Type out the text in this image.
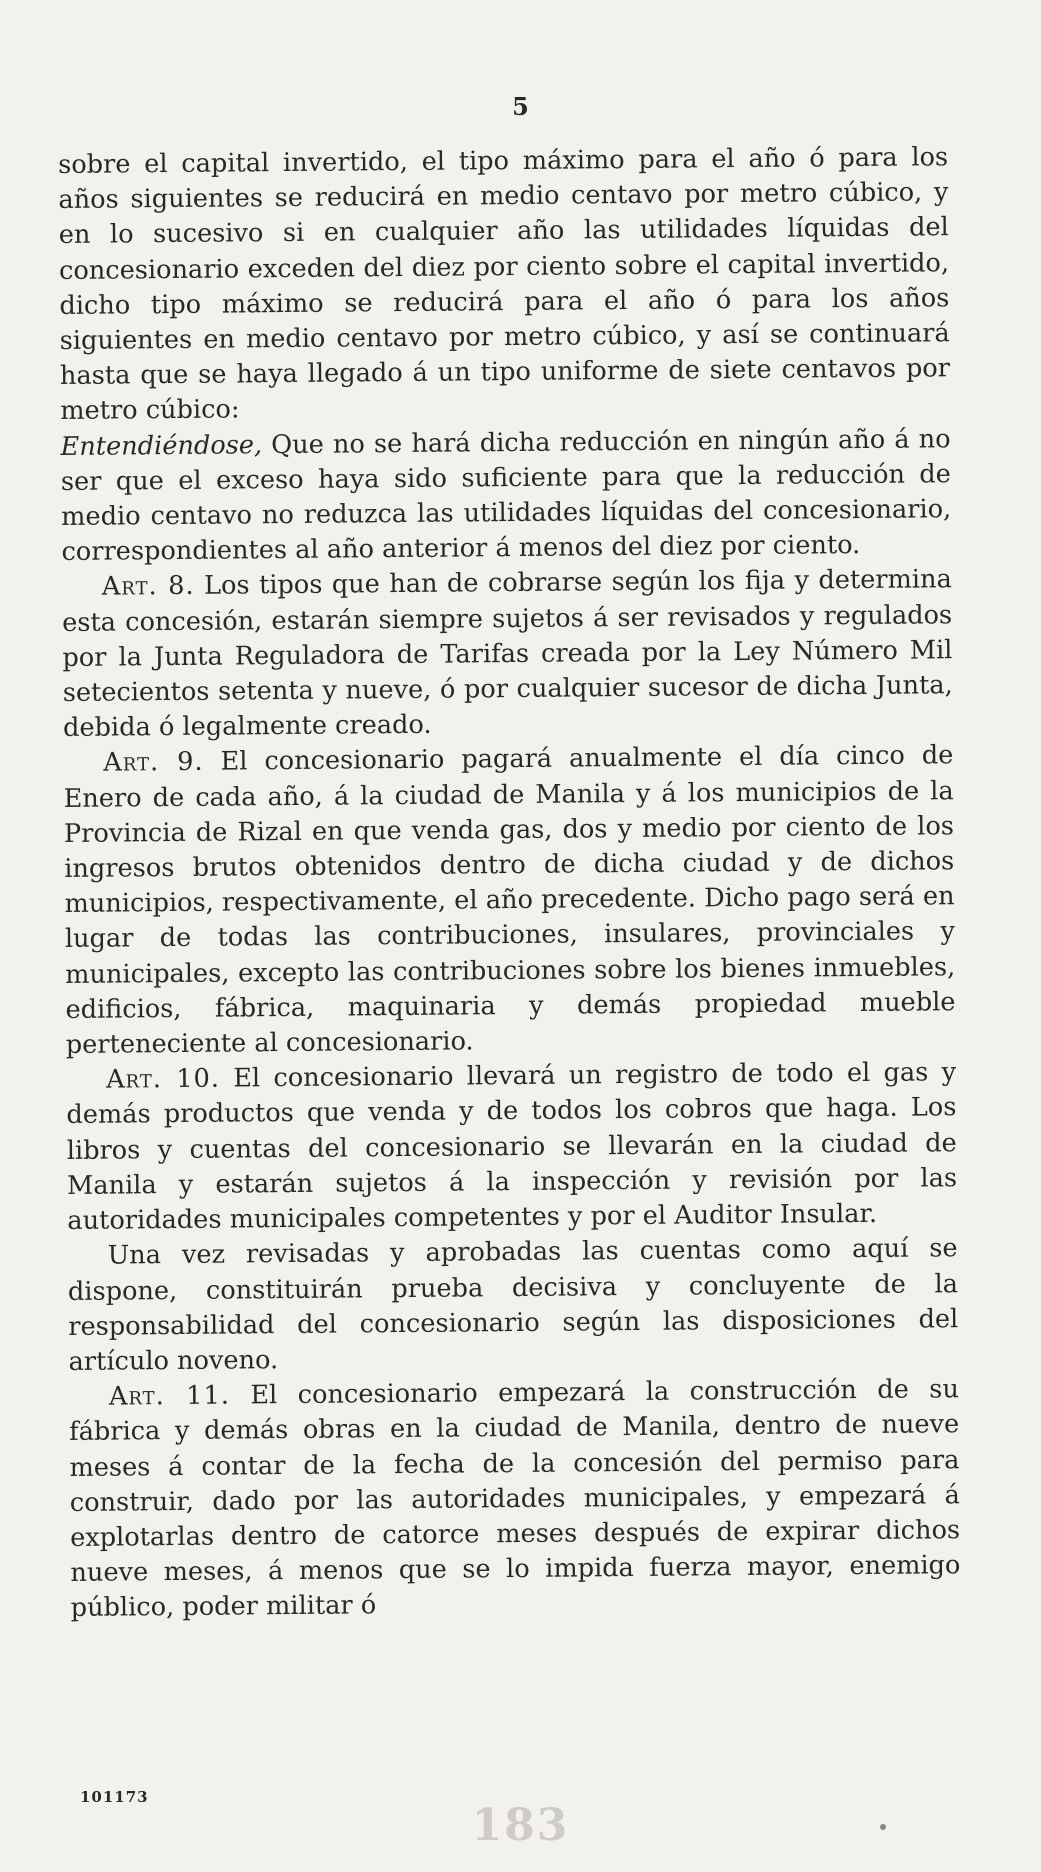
5

sobre el capital invertido, el tipo máximo para el año ó para los años siguientes se reducirá en medio centavo por metro cúbico, y en lo sucesivo si en cualquier año las utilidades líquidas del concesionario exceden del diez por ciento sobre el capital invertido, dicho tipo máximo se reducirá para el año ó para los años siguientes en medio centavo por metro cúbico, y así se continuará hasta que se haya llegado á un tipo uniforme de siete centavos por metro cúbico:

Entendiéndose, Que no se hará dicha reducción en ningún año á no ser que el exceso haya sido suficiente para que la reducción de medio centavo no reduzca las utilidades líquidas del concesionario, correspondientes al año anterior á menos del diez por ciento.

Art. 8. Los tipos que han de cobrarse según los fija y determina esta concesión, estarán siempre sujetos á ser revisados y regulados por la Junta Reguladora de Tarifas creada por la Ley Número Mil setecientos setenta y nueve, ó por cualquier sucesor de dicha Junta, debida ó legalmente creado.

Art. 9. El concesionario pagará anualmente el día cinco de Enero de cada año, á la ciudad de Manila y á los municipios de la Provincia de Rizal en que venda gas, dos y medio por ciento de los ingresos brutos obtenidos dentro de dicha ciudad y de dichos municipios, respectivamente, el año precedente. Dicho pago será en lugar de todas las contribuciones, insulares, provinciales y municipales, excepto las contribuciones sobre los bienes inmuebles, edificios, fábrica, maquinaria y demás propiedad mueble perteneciente al concesionario.

Art. 10. El concesionario llevará un registro de todo el gas y demás productos que venda y de todos los cobros que haga. Los libros y cuentas del concesionario se llevarán en la ciudad de Manila y estarán sujetos á la inspección y revisión por las autoridades municipales competentes y por el Auditor Insular.

Una vez revisadas y aprobadas las cuentas como aquí se dispone, constituirán prueba decisiva y concluyente de la responsabilidad del concesionario según las disposiciones del artículo noveno.

Art. 11. El concesionario empezará la construcción de su fábrica y demás obras en la ciudad de Manila, dentro de nueve meses á contar de la fecha de la concesión del permiso para construir, dado por las autoridades municipales, y empezará á explotarlas dentro de catorce meses después de expirar dichos nueve meses, á menos que se lo impida fuerza mayor, enemigo público, poder militar ó

101173
183
